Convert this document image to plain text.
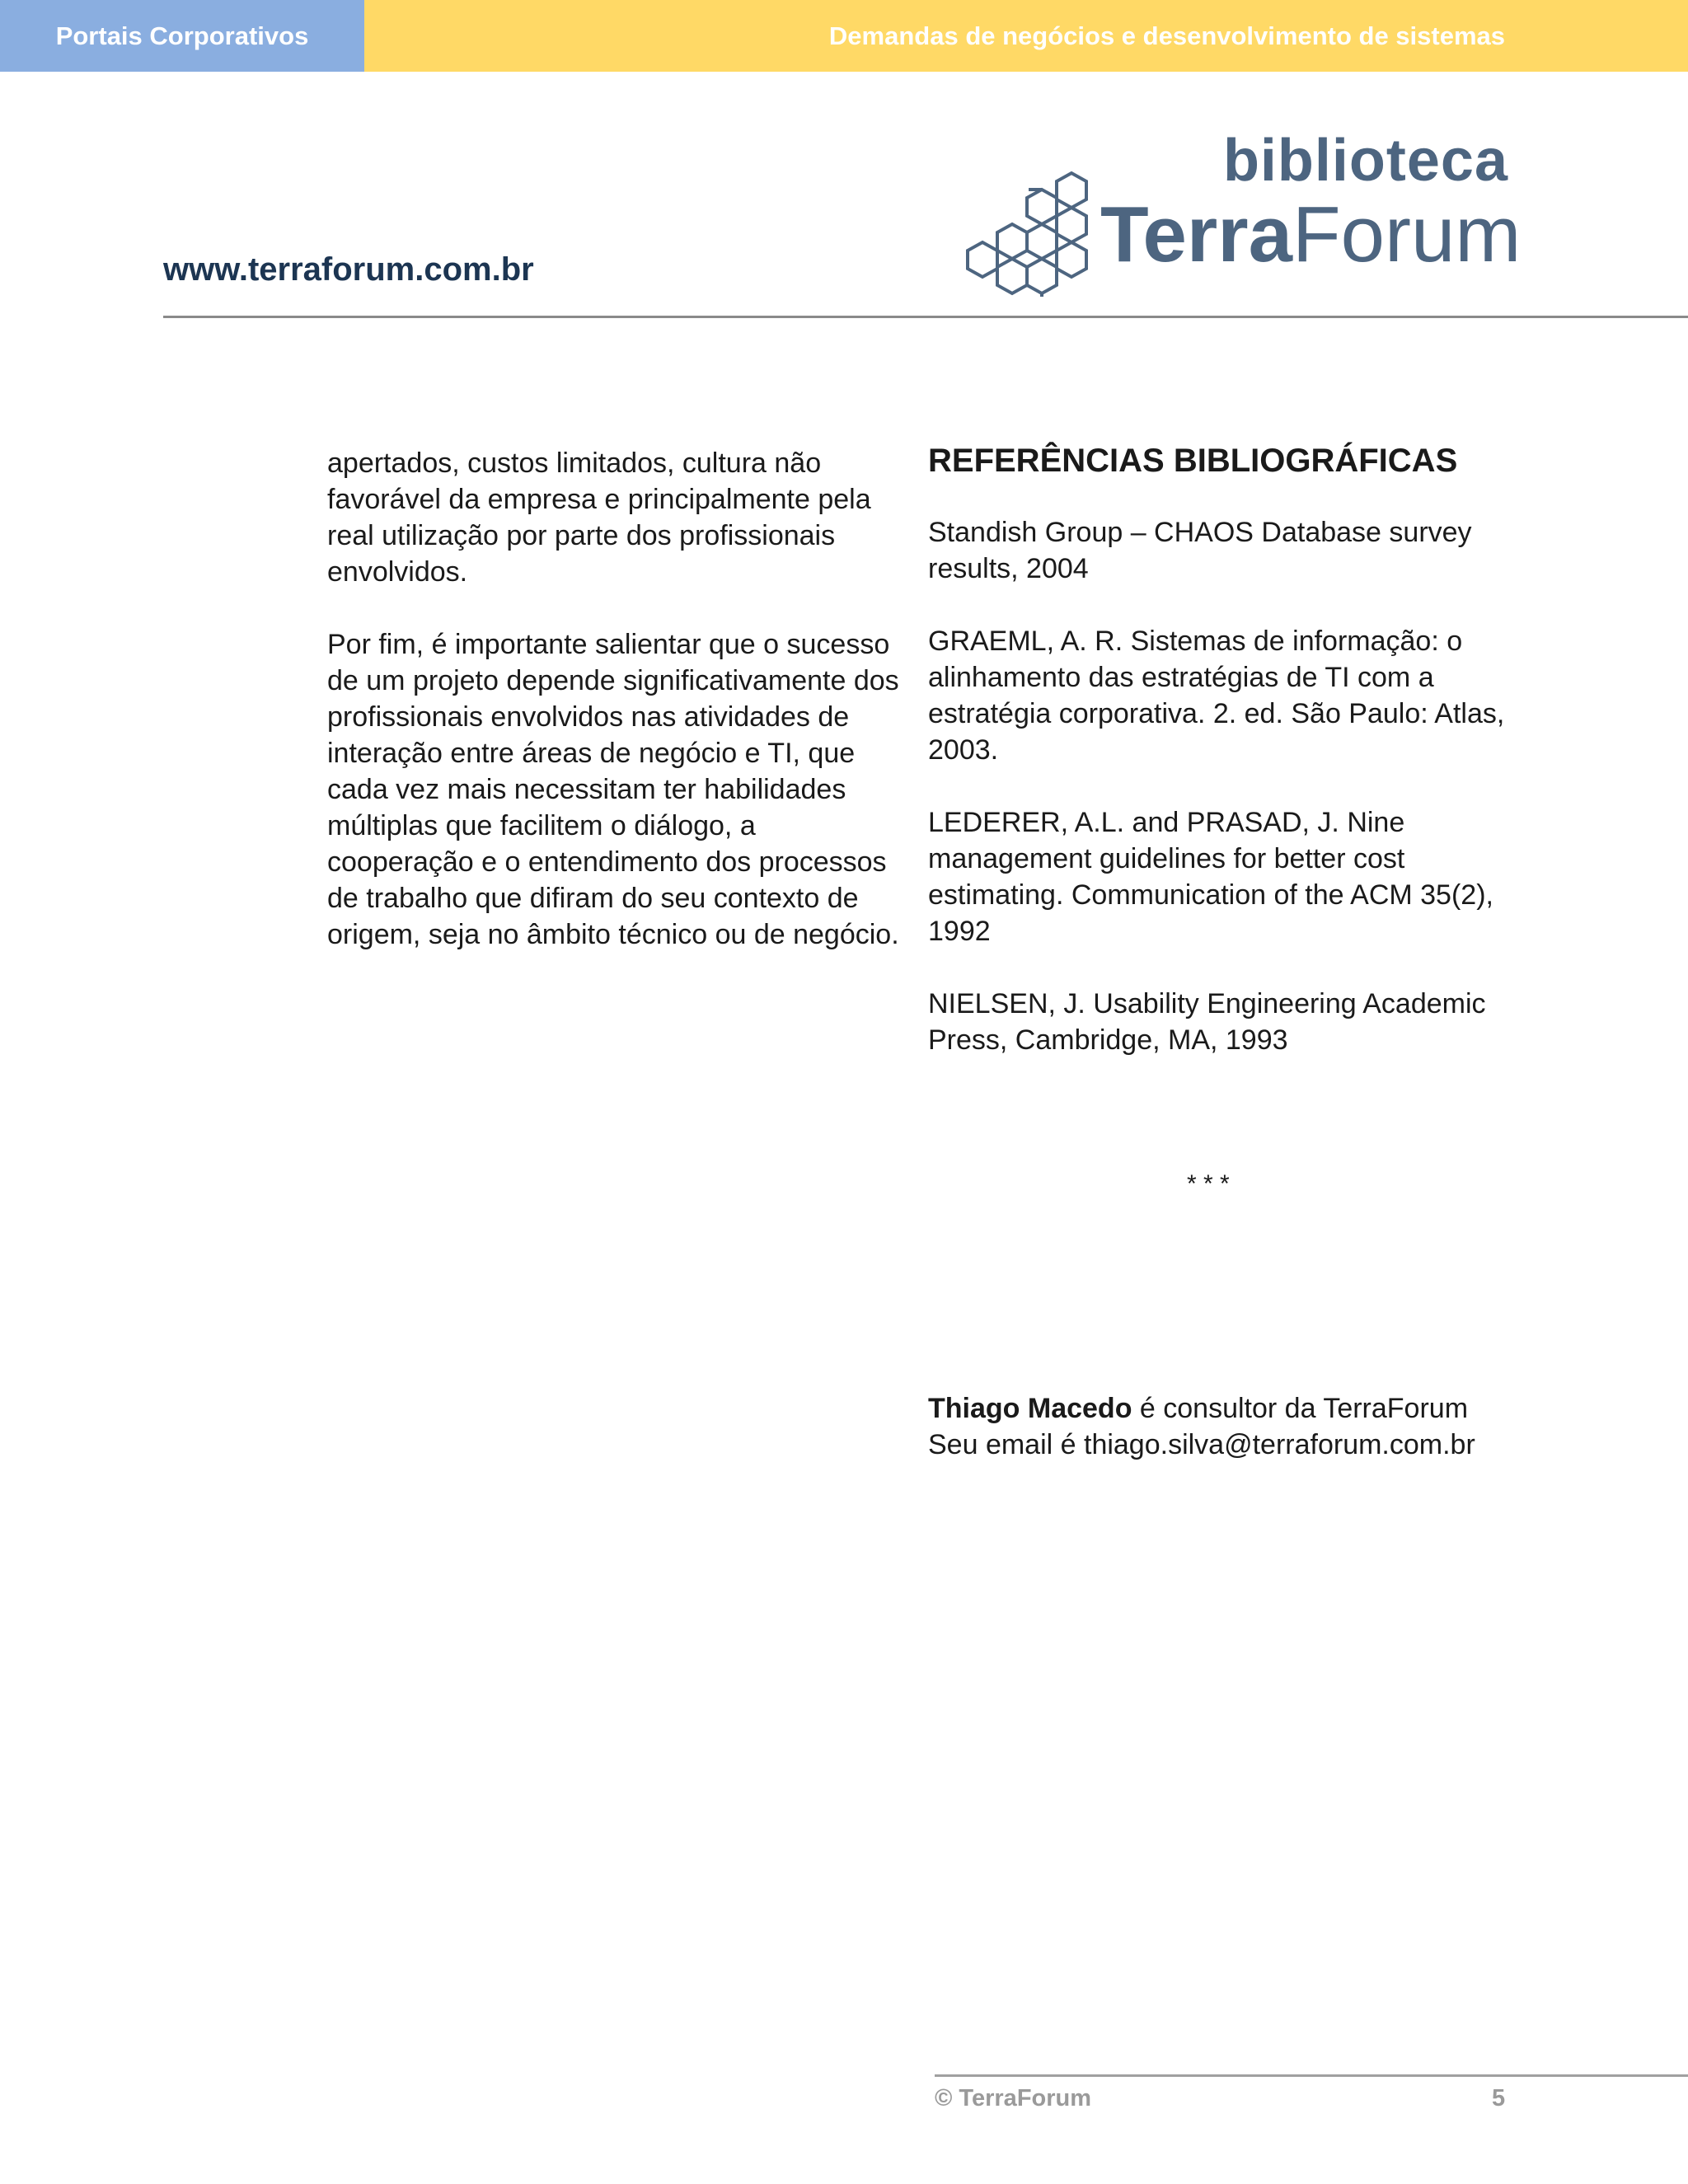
Portais Corporativos	Demandas de negócios e desenvolvimento de sistemas
www.terraforum.com.br
biblioteca
TerraForum

apertados, custos limitados, cultura não favorável da empresa e principalmente pela real utilização por parte dos profissionais envolvidos.

Por fim, é importante salientar que o sucesso de um projeto depende significativamente dos profissionais envolvidos nas atividades de interação entre áreas de negócio e TI, que cada vez mais necessitam ter habilidades múltiplas que facilitem o diálogo, a cooperação e o entendimento dos processos de trabalho que difiram do seu contexto de origem, seja no âmbito técnico ou de negócio.

REFERÊNCIAS BIBLIOGRÁFICAS

Standish Group – CHAOS Database survey results, 2004

GRAEML, A. R. Sistemas de informação: o alinhamento das estratégias de TI com a estratégia corporativa. 2. ed. São Paulo: Atlas, 2003.

LEDERER, A.L. and PRASAD, J. Nine management guidelines for better cost estimating. Communication of the ACM 35(2), 1992

NIELSEN, J. Usability Engineering Academic Press, Cambridge, MA, 1993

* * *
Thiago Macedo é consultor da TerraForum
Seu email é thiago.silva@terraforum.com.br
© TerraForum	5
